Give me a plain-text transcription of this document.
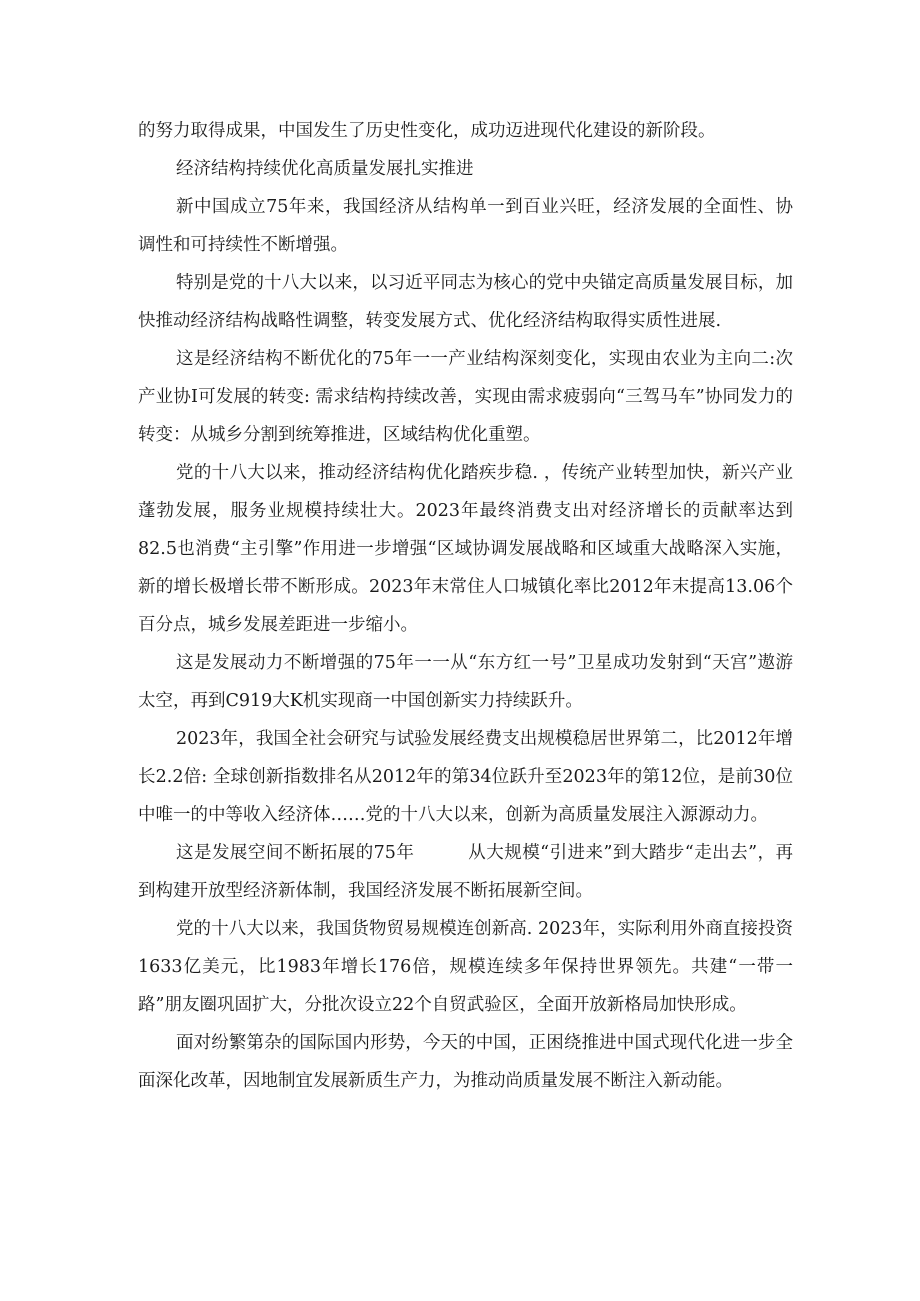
的努力取得成果，中国发生了历史性变化，成功迈进现代化建设的新阶段。

经济结构持续优化高质量发展扎实推进

新中国成立75年来，我国经济从结构单一到百业兴旺，经济发展的全面性、协调性和可持续性不断增强。

特别是党的十八大以来，以习近平同志为核心的党中央锚定高质量发展目标，加快推动经济结构战略性调整，转变发展方式、优化经济结构取得实质性进展.

这是经济结构不断优化的75年一一产业结构深刻变化，实现由农业为主向二:次产业协I可发展的转变: 需求结构持续改善，实现由需求疲弱向“三驾马车”协同发力的转变：从城乡分割到统筹推进，区域结构优化重塑。

党的十八大以来，推动经济结构优化踏疾步稳. ，传统产业转型加快，新兴产业蓬勃发展，服务业规模持续壮大。2023年最终消费支出对经济增长的贡献率达到82.5也消费“主引擎”作用进一步增强“区域协调发展战略和区域重大战略深入实施，新的增长极增长带不断形成。2023年末常住人口城镇化率比2012年末提高13.06个百分点，城乡发展差距进一步缩小。

这是发展动力不断增强的75年一一从“东方红一号”卫星成功发射到“天宫”遨游太空，再到C919大K机实现商一中国创新实力持续跃升。

2023年，我国全社会研究与试验发展经费支出规模稳居世界第二，比2012年增长2.2倍: 全球创新指数排名从2012年的第34位跃升至2023年的第12位，是前30位中唯一的中等收入经济体……党的十八大以来，创新为高质量发展注入源源动力。

这是发展空间不断拓展的75年　　　从大规模“引进来”到大踏步“走出去”，再到构建开放型经济新体制，我国经济发展不断拓展新空间。

党的十八大以来，我国货物贸易规模连创新高. 2023年，实际利用外商直接投资1633亿美元，比1983年增长176倍，规模连续多年保持世界领先。共建“一带一路”朋友圈巩固扩大，分批次设立22个自贸武验区，全面开放新格局加快形成。

面对纷繁第杂的国际国内形势，今天的中国，正困绕推进中国式现代化进一步全面深化改革，因地制宜发展新质生产力，为推动尚质量发展不断注入新动能。
